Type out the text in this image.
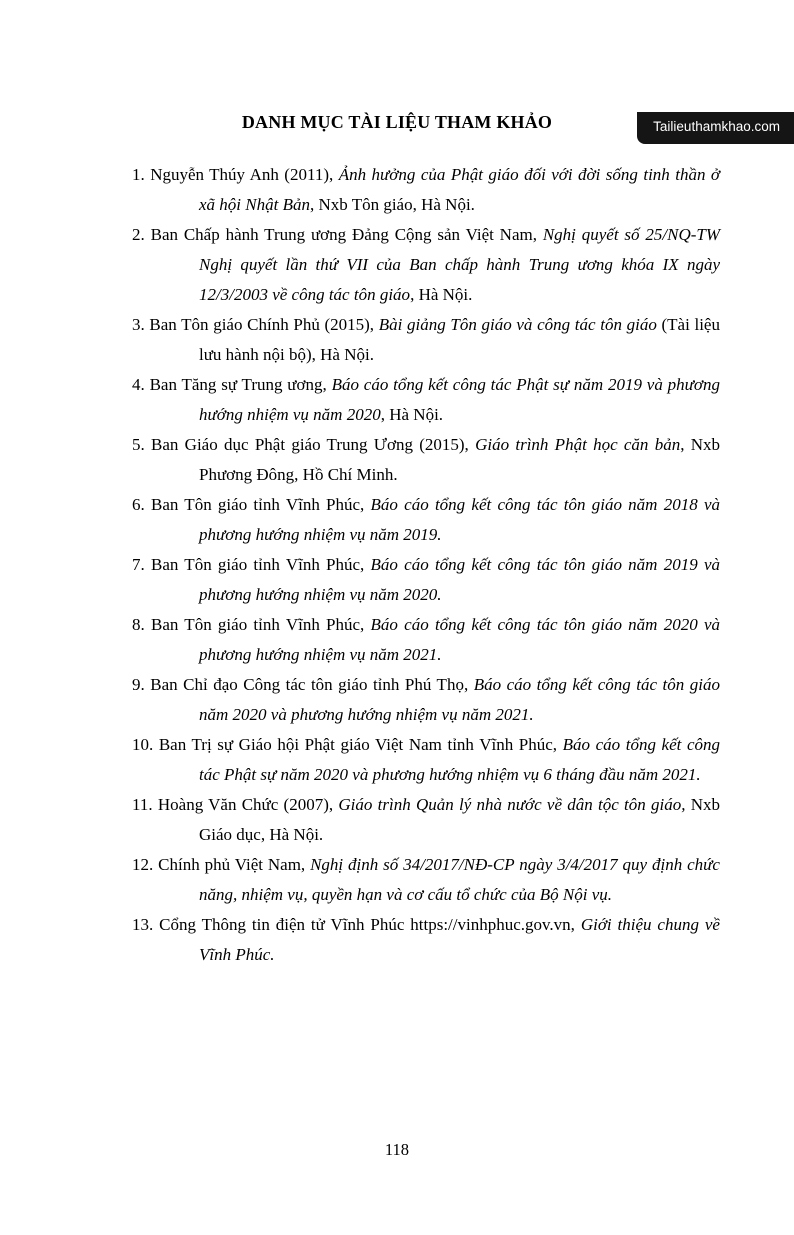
Tailieuthamkhao.com
DANH MỤC TÀI LIỆU THAM KHẢO

1. Nguyễn Thúy Anh (2011), Ảnh hưởng của Phật giáo đối với đời sống tinh thần ở xã hội Nhật Bản, Nxb Tôn giáo, Hà Nội.

2. Ban Chấp hành Trung ương Đảng Cộng sản Việt Nam, Nghị quyết số 25/NQ-TW Nghị quyết lần thứ VII của Ban chấp hành Trung ương khóa IX ngày 12/3/2003 về công tác tôn giáo, Hà Nội.

3. Ban Tôn giáo Chính Phủ (2015), Bài giảng Tôn giáo và công tác tôn giáo (Tài liệu lưu hành nội bộ), Hà Nội.

4. Ban Tăng sự Trung ương, Báo cáo tổng kết công tác Phật sự năm 2019 và phương hướng nhiệm vụ năm 2020, Hà Nội.

5. Ban Giáo dục Phật giáo Trung Ương (2015), Giáo trình Phật học căn bản, Nxb Phương Đông, Hồ Chí Minh.

6. Ban Tôn giáo tỉnh Vĩnh Phúc, Báo cáo tổng kết công tác tôn giáo năm 2018 và phương hướng nhiệm vụ năm 2019.

7. Ban Tôn giáo tỉnh Vĩnh Phúc, Báo cáo tổng kết công tác tôn giáo năm 2019 và phương hướng nhiệm vụ năm 2020.

8. Ban Tôn giáo tỉnh Vĩnh Phúc, Báo cáo tổng kết công tác tôn giáo năm 2020 và phương hướng nhiệm vụ năm 2021.

9. Ban Chỉ đạo Công tác tôn giáo tỉnh Phú Thọ, Báo cáo tổng kết công tác tôn giáo năm 2020 và phương hướng nhiệm vụ năm 2021.

10. Ban Trị sự Giáo hội Phật giáo Việt Nam tỉnh Vĩnh Phúc, Báo cáo tổng kết công tác Phật sự năm 2020 và phương hướng nhiệm vụ 6 tháng đầu năm 2021.

11. Hoàng Văn Chức (2007), Giáo trình Quản lý nhà nước về dân tộc tôn giáo, Nxb Giáo dục, Hà Nội.

12. Chính phủ Việt Nam, Nghị định số 34/2017/NĐ-CP ngày 3/4/2017 quy định chức năng, nhiệm vụ, quyền hạn và cơ cấu tổ chức của Bộ Nội vụ.

13. Cổng Thông tin điện tử Vĩnh Phúc https://vinhphuc.gov.vn, Giới thiệu chung về Vĩnh Phúc.

118
